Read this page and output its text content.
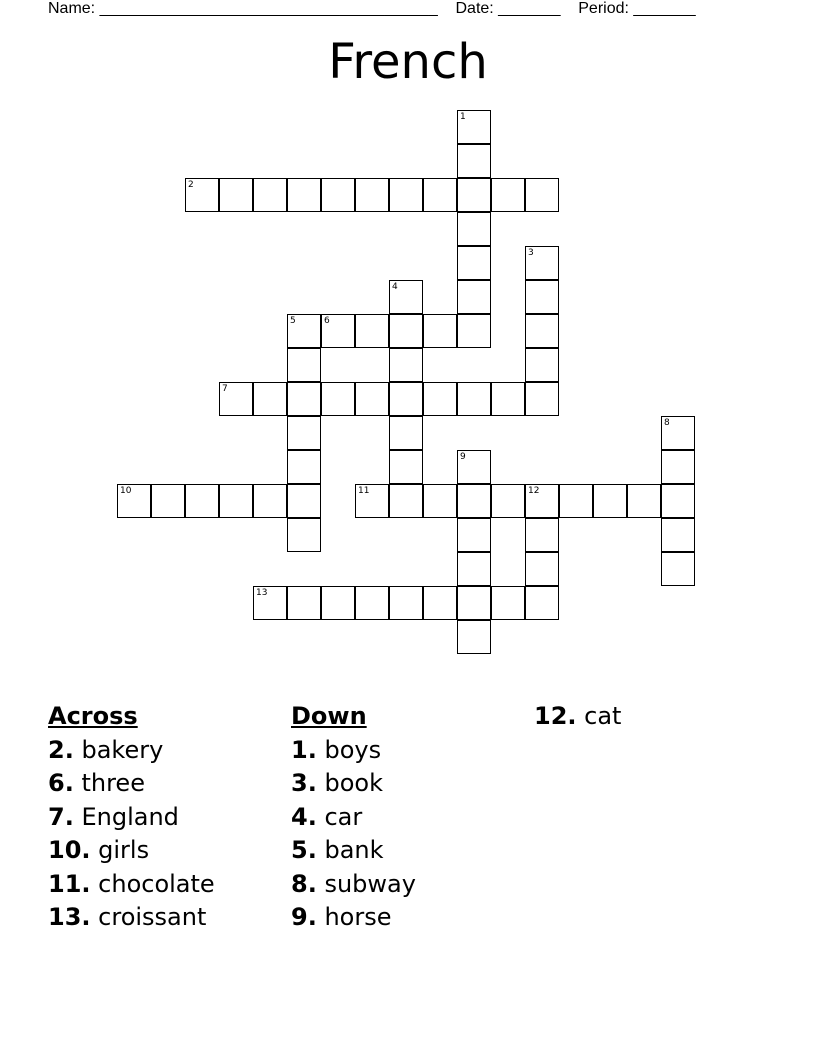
Name: ______________________________________    Date: _______    Period: _______
French
1
2
3
4
5	6
7
8
9
10	11	12
13
Across
2. bakery
6. three
7. England
10. girls
11. chocolate
13. croissant
Down
1. boys
3. book
4. car
5. bank
8. subway
9. horse
12. cat
